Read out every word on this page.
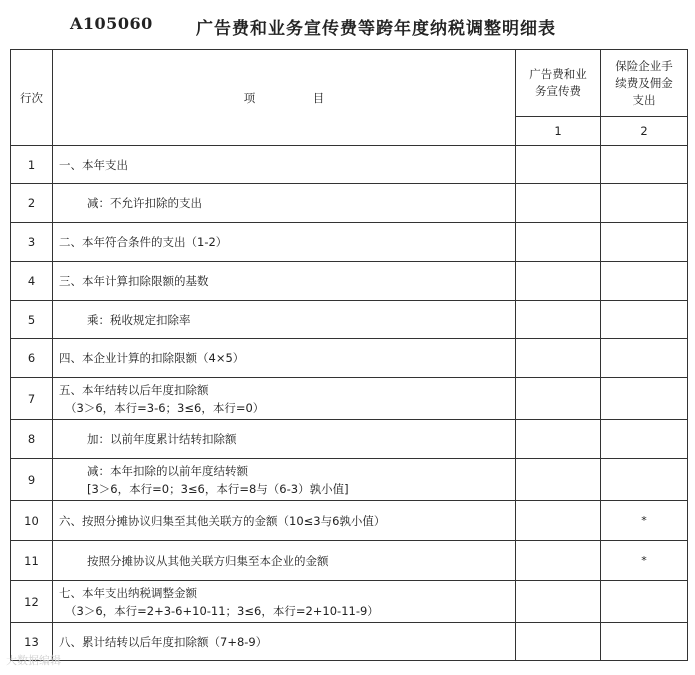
A105060	广告费和业务宣传费等跨年度纳税调整明细表
行次	项　　　　　目	广告费和业务宣传费	保险企业手续费及佣金支出

		1	2
1	一、本年支出		
2	减：不允许扣除的支出		
3	二、本年符合条件的支出（1-2）		
4	三、本年计算扣除限额的基数		
5	乘：税收规定扣除率		
6	四、本企业计算的扣除限额（4×5）		
7	五、本年结转以后年度扣除额
（3＞6，本行=3-6；3≤6，本行=0）		

8	加：以前年度累计结转扣除额		
9	减：本年扣除的以前年度结转额
[3＞6，本行=0；3≤6，本行=8与（6-3）孰小值]		

10	六、按照分摊协议归集至其他关联方的金额（10≤3与6孰小值）		*
11	按照分摊协议从其他关联方归集至本企业的金额		*
12	七、本年支出纳税调整金额
（3＞6，本行=2+3-6+10-11；3≤6，本行=2+10-11-9）		

13	八、累计结转以后年度扣除额（7+8-9）		
大数据编辑
